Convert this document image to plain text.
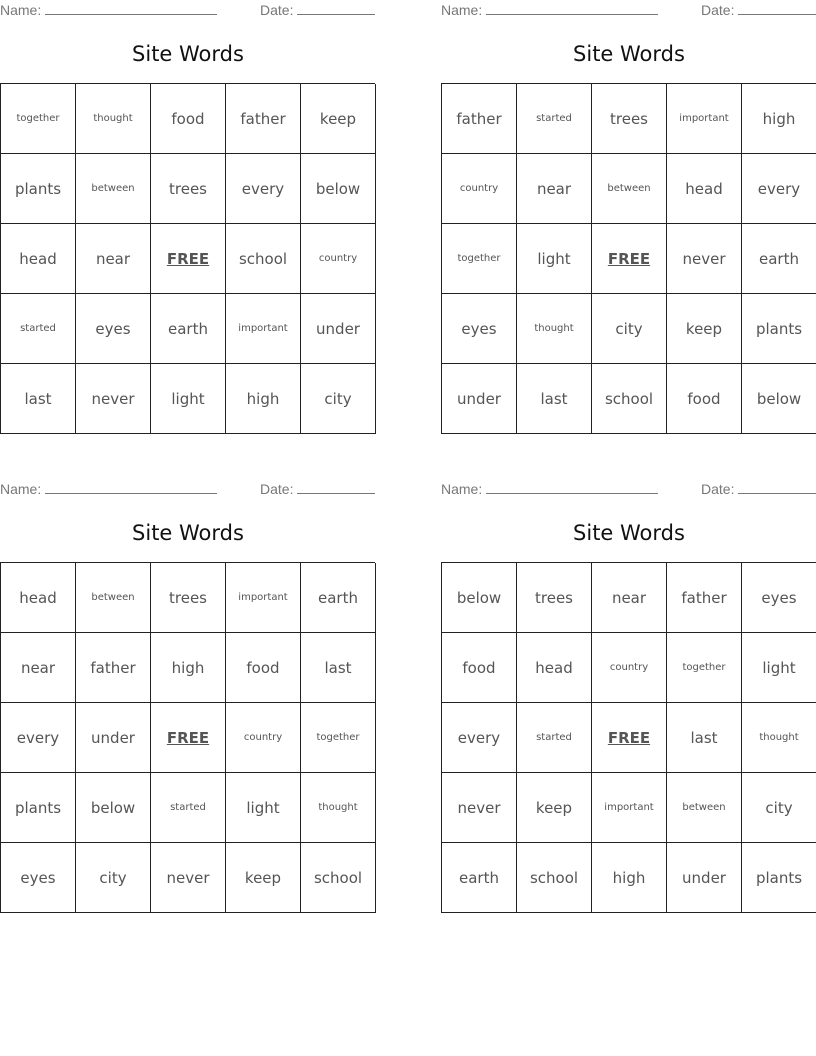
Name:	Date:
Site Words
together	thought	food	father	keep
plants	between	trees	every	below
head	near	FREE	school	country
started	eyes	earth	important	under
last	never	light	high	city
Name:	Date:
Site Words
father	started	trees	important	high
country	near	between	head	every
together	light	FREE	never	earth
eyes	thought	city	keep	plants
under	last	school	food	below
Name:	Date:
Site Words
head	between	trees	important	earth
near	father	high	food	last
every	under	FREE	country	together
plants	below	started	light	thought
eyes	city	never	keep	school
Name:	Date:
Site Words
below	trees	near	father	eyes
food	head	country	together	light
every	started	FREE	last	thought
never	keep	important	between	city
earth	school	high	under	plants
